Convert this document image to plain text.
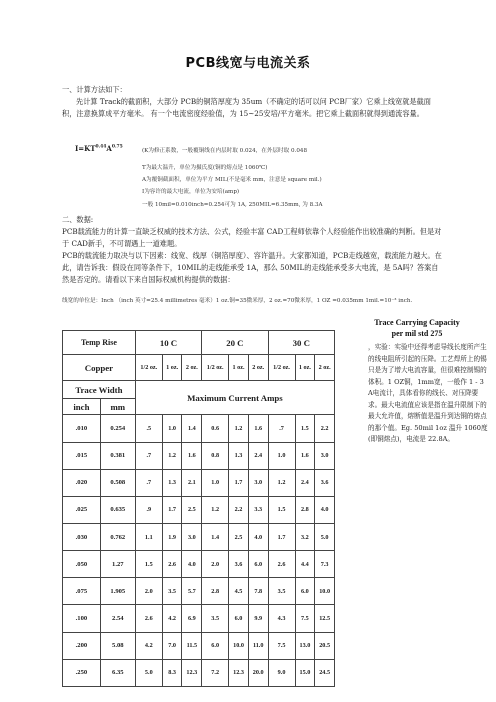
PCB线宽与电流关系
一、计算方法如下：
先计算 Track的截面积，大部分 PCB的铜箔厚度为 35um（不确定的话可以问 PCB厂家）它乘上线宽就是截面积，注意换算成平方毫米。 有一个电流密度经验值，为 15~25安培/平方毫米。把它乘上截面积就得到通流容量。
$I=KT^{0.44}A^{0.75}$
(K为修正系数，一般覆铜线在内层时取 0.024，在外层时取 0.048
T为最大温升，单位为摄氏度(铜的熔点是 1060℃)
A为覆铜截面积，单位为平方 MIL(不是毫米 mm，注意是 square mil.)
I为容许的最大电流，单位为安培(amp)
一般 10mil=0.010inch=0.254可为 1A, 250MIL=6.35mm, 为 8.3A
二、数据:
PCB载流能力的计算一直缺乏权威的技术方法、公式，经验丰富 CAD工程师依靠个人经验能作出较准确的判断。但是对于 CAD新手，不可谓遇上一道难题。
PCB的载流能力取决与以下因素：线宽、线厚（铜箔厚度）、容许温升。大家都知道，PCB走线越宽，载流能力越大。在此，请告诉我：假设在同等条件下，10MIL的走线能承受 1A，那么 50MIL的走线能承受多大电流，是 5A吗？答案自然是否定的。请看以下来自国际权威机构提供的数据：
线宽的单位是：Inch （inch 英寸=25.4 millimetres 毫米）1 oz.铜=35微米厚，2 oz.=70微米厚，1 OZ =0.035mm 1mil.=10⁻³ inch.
Temp Rise		10 C			20 C			30 C		
Copper		1/2 oz.	1 oz.	2 oz.	1/2 oz.	1 oz.	2 oz.	1/2 oz.	1 oz.	2 oz.
Trace Width		Maximum Current Amps								
inch	mm									
.010	0.254	.5	1.0	1.4	0.6	1.2	1.6	.7	1.5	2.2
.015	0.381	.7	1.2	1.6	0.8	1.3	2.4	1.0	1.6	3.0
.020	0.508	.7	1.3	2.1	1.0	1.7	3.0	1.2	2.4	3.6
.025	0.635	.9	1.7	2.5	1.2	2.2	3.3	1.5	2.8	4.0
.030	0.762	1.1	1.9	3.0	1.4	2.5	4.0	1.7	3.2	5.0
.050	1.27	1.5	2.6	4.0	2.0	3.6	6.0	2.6	4.4	7.3
.075	1.905	2.0	3.5	5.7	2.8	4.5	7.8	3.5	6.0	10.0
.100	2.54	2.6	4.2	6.9	3.5	6.0	9.9	4.3	7.5	12.5
.200	5.08	4.2	7.0	11.5	6.0	10.0	11.0	7.5	13.0	20.5
.250	6.35	5.0	8.3	12.3	7.2	12.3	20.0	9.0	15.0	24.5
Trace Carrying Capacity
per mil std 275
，实验：实验中还得考虑导线长度所产生的线电阻所引起的压降。工艺焊所上的锡只是为了增大电流容量，但很难控制锡的体积。1 OZ铜，1mm宽，一般作 1 - 3 A电流计，具体看你的线长、对压降要求。最大电流值应该是指在温升限制下的最大允许值，熔断值是温升到达铜的熔点的那个值。Eg. 50mil 1oz 温升 1060度(即铜熔点)，电流是 22.8A。
